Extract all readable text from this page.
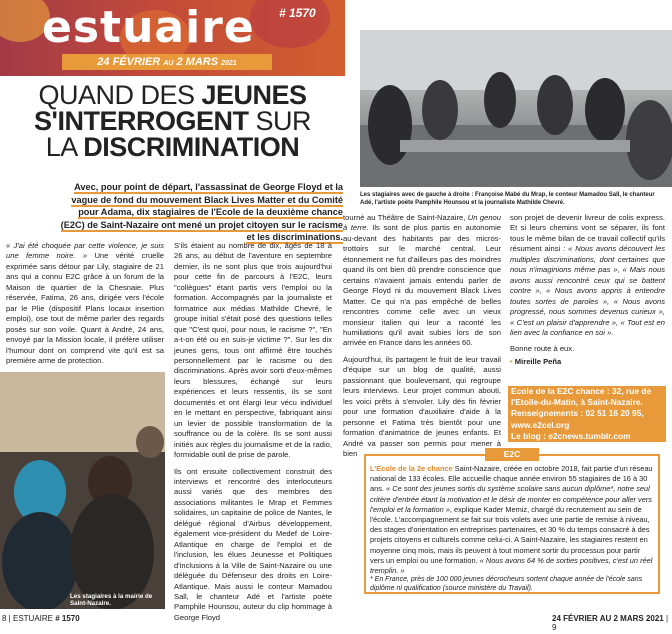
estuaire # 1570
24 FÉVRIER AU 2 MARS 2021
QUAND DES JEUNES
S'INTERROGENT SUR
LA DISCRIMINATION
Avec, pour point de départ, l'assassinat de George Floyd et la vague de fond du mouvement Black Lives Matter et du Comité pour Adama, dix stagiaires de l'Ecole de la deuxième chance (E2C) de Saint-Nazaire ont mené un projet citoyen sur le racisme et les discriminations.

« J'ai été choquée par cette violence, je suis une femme noire. » Une vérité cruelle exprimée sans détour par Lily, stagiaire de 21 ans qui a connu E2C grâce à un forum de la Maison de quartier de la Chesnaie. Plus réservée, Fatima, 26 ans, dirigée vers l'école par le Plie (dispositif Plans locaux insertion emploi), ose tout de même parler des regards posés sur son voile. Quant à André, 24 ans, envoyé par la Mission locale, il préfère utiliser l'humour dont on comprend vite qu'il est sa première arme de protection.

Les stagiaires à la mairie de Saint-Nazaire.

S'ils étaient au nombre de dix, âgés de 18 à 26 ans, au début de l'aventure en septembre dernier, ils ne sont plus que trois aujourd'hui pour cette fin de parcours à l'E2C, leurs "collègues" étant partis vers l'emploi ou la formation. Accompagnés par la journaliste et formatrice aux médias Mathilde Chevré, le groupe initial s'était posé des questions telles que "C'est quoi, pour nous, le racisme ?", "En a-t-on été ou en suis-je victime ?". Sur les dix jeunes gens, tous ont affirmé être touchés personnellement par le racisme ou des discriminations. Après avoir sorti d'eux-mêmes leurs blessures, échangé sur leurs expériences et leurs ressentis, ils se sont documentés et ont élargi leur vécu individuel en le mettant en perspective, fabriquant ainsi un levier de possible transformation de la souffrance ou de la colère. Ils se sont aussi initiés aux règles du journalisme et de la radio, formidable outil de prise de parole.

Ils ont ensuite collectivement construit des interviews et rencontré des interlocuteurs aussi variés que des membres des associations militantes le Mrap et Femmes solidaires, un capitaine de police de Nantes, le délégué régional d'Airbus développement, également vice-président du Medef de Loire-Atlantique en charge de l'emploi et de l'inclusion, les élues Jeunesse et Politiques d'inclusions à la Ville de Saint-Nazaire ou une déléguée du Défenseur des droits en Loire-Atlantique. Mais aussi le conteur Mamadou Sall, le chanteur Adé et l'artiste poète Pamphile Hounsou, auteur du clip hommage à George Floyd

Les stagiaires avec de gauche à droite : Françoise Mabé du Mrap, le conteur Mamadou Sall, le chanteur Adé, l'artiste poète Pamphile Hounsou et la journaliste Mathilde Chevré.

tourné au Théâtre de Saint-Nazaire, Un genou à terre. Ils sont de plus partis en autonomie au-devant des habitants par des micros-trottoirs sur le marché central. Leur étonnement ne fut d'ailleurs pas des moindres quand ils ont bien dû prendre conscience que certains n'avaient jamais entendu parler de George Floyd ni du mouvement Black Lives Matter. Ce qui n'a pas empêché de belles rencontres comme celle avec un vieux monsieur italien qui leur a raconté les humiliations qu'il avait subies lors de son arrivée en France dans les années 60.

Aujourd'hui, ils partagent le fruit de leur travail d'équipe sur un blog de qualité, aussi passionnant que bouleversant, qui regroupe leurs interviews. Leur projet commun abouti, les voici prêts à s'envoler. Lily dès fin février pour une formation d'auxiliaire d'aide à la personne et Fatima très bientôt pour une formation d'animatrice de jeunes enfants. Et André va passer son permis pour mener à bien

son projet de devenir livreur de colis express. Et si leurs chemins vont se séparer, ils font tous le même bilan de ce travail collectif qu'ils résument ainsi : « Nous avons découvert les multiples discriminations, dont certaines que nous n'imaginions même pas », « Mais nous avons aussi rencontré ceux qui se battent contre », « Nous avons appris à entendre toutes sortes de paroles », « Nous avons progressé, nous sommes devenus curieux », « C'est un plaisir d'apprendre », « Tout est en lien avec la confiance en soi ».

Bonne route à eux.

• Mireille Peña

Ecole de la E2C chance : 32, rue de l'Etoile-du-Matin, à Saint-Nazaire.
Renseignements : 02 51 16 20 95, www.e2cel.org
Le blog : e2cnews.tumblr.com
E2C
L'Ecole de la 2e chance Saint-Nazaire, créée en octobre 2018, fait partie d'un réseau national de 133 écoles. Elle accueille chaque année environ 55 stagiaires de 16 à 30 ans. « Ce sont des jeunes sortis du système scolaire sans aucun diplôme*, notre seul critère d'entrée étant la motivation et le désir de monter en compétence pour aller vers l'emploi et la formation », explique Kader Memiz, chargé du recrutement au sein de l'école. L'accompagnement se fait sur trois volets avec une partie de remise à niveau, des stages d'orientation en entreprises partenaires, et 30 % du temps consacré à des projets citoyens et culturels comme celui-ci. A Saint-Nazaire, les stagiaires restent en moyenne cinq mois, mais ils peuvent à tout moment sortir du processus pour partir vers un emploi ou une formation. « Nous avons 64 % de sorties positives, c'est un réel tremplin. »
* En France, près de 100 000 jeunes décrocheurs sortent chaque année de l'école sans diplôme ni qualification (source ministère du Travail).
8 | ESTUAIRE # 1570	24 FÉVRIER AU 2 MARS 2021 | 9
